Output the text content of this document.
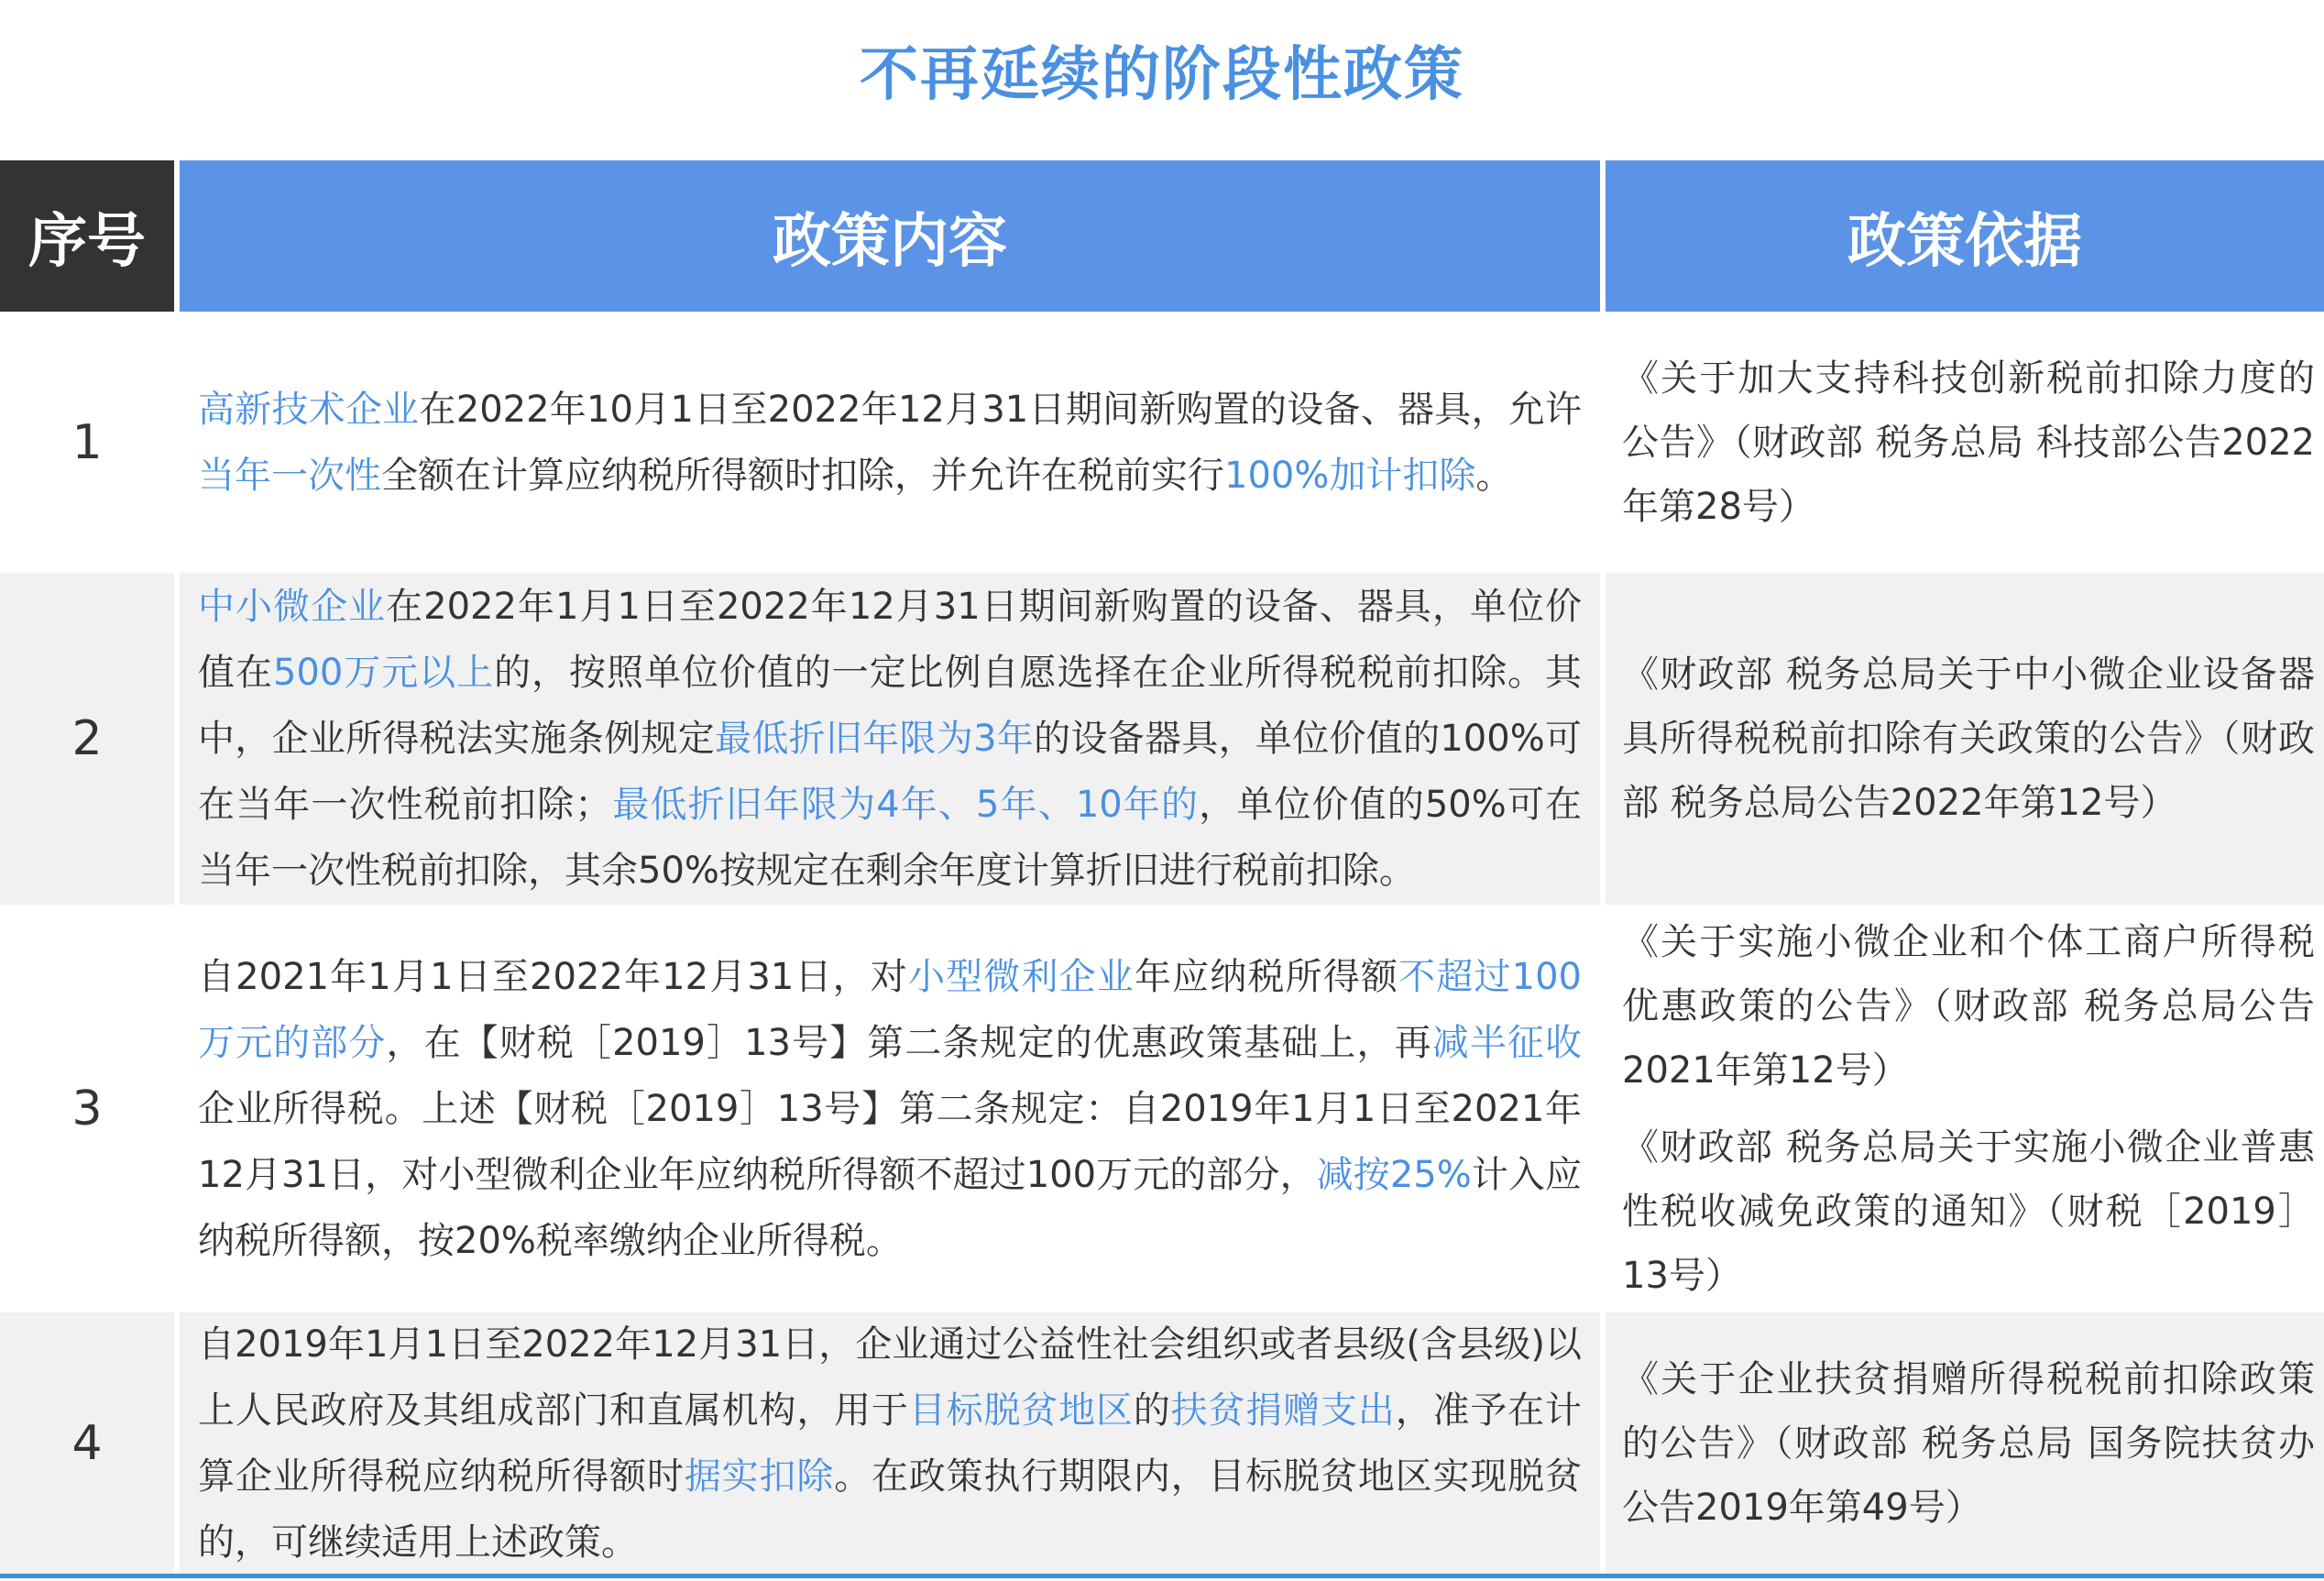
不再延续的阶段性政策
序号	政策内容	政策依据
1
高新技术企业在2022年10月1日至2022年12月31日期间新购置的设备、器具，允许当年一次性全额在计算应纳税所得额时扣除，并允许在税前实行100%加计扣除。
《关于加大支持科技创新税前扣除力度的公告》（财政部 税务总局 科技部公告2022年第28号）
2
中小微企业在2022年1月1日至2022年12月31日期间新购置的设备、器具，单位价值在500万元以上的，按照单位价值的一定比例自愿选择在企业所得税税前扣除。其中，企业所得税法实施条例规定最低折旧年限为3年的设备器具，单位价值的100%可在当年一次性税前扣除；最低折旧年限为4年、5年、10年的，单位价值的50%可在当年一次性税前扣除，其余50%按规定在剩余年度计算折旧进行税前扣除。
《财政部 税务总局关于中小微企业设备器具所得税税前扣除有关政策的公告》（财政部 税务总局公告2022年第12号）
3
自2021年1月1日至2022年12月31日，对小型微利企业年应纳税所得额不超过100万元的部分，在【财税［2019］13号】第二条规定的优惠政策基础上，再减半征收企业所得税。上述【财税［2019］13号】第二条规定：自2019年1月1日至2021年12月31日，对小型微利企业年应纳税所得额不超过100万元的部分，减按25%计入应纳税所得额，按20%税率缴纳企业所得税。
《关于实施小微企业和个体工商户所得税优惠政策的公告》（财政部 税务总局公告2021年第12号）
《财政部 税务总局关于实施小微企业普惠性税收减免政策的通知》（财税［2019］13号）
4
自2019年1月1日至2022年12月31日，企业通过公益性社会组织或者县级(含县级)以上人民政府及其组成部门和直属机构，用于目标脱贫地区的扶贫捐赠支出，准予在计算企业所得税应纳税所得额时据实扣除。在政策执行期限内，目标脱贫地区实现脱贫的，可继续适用上述政策。
《关于企业扶贫捐赠所得税税前扣除政策的公告》（财政部 税务总局 国务院扶贫办公告2019年第49号）
